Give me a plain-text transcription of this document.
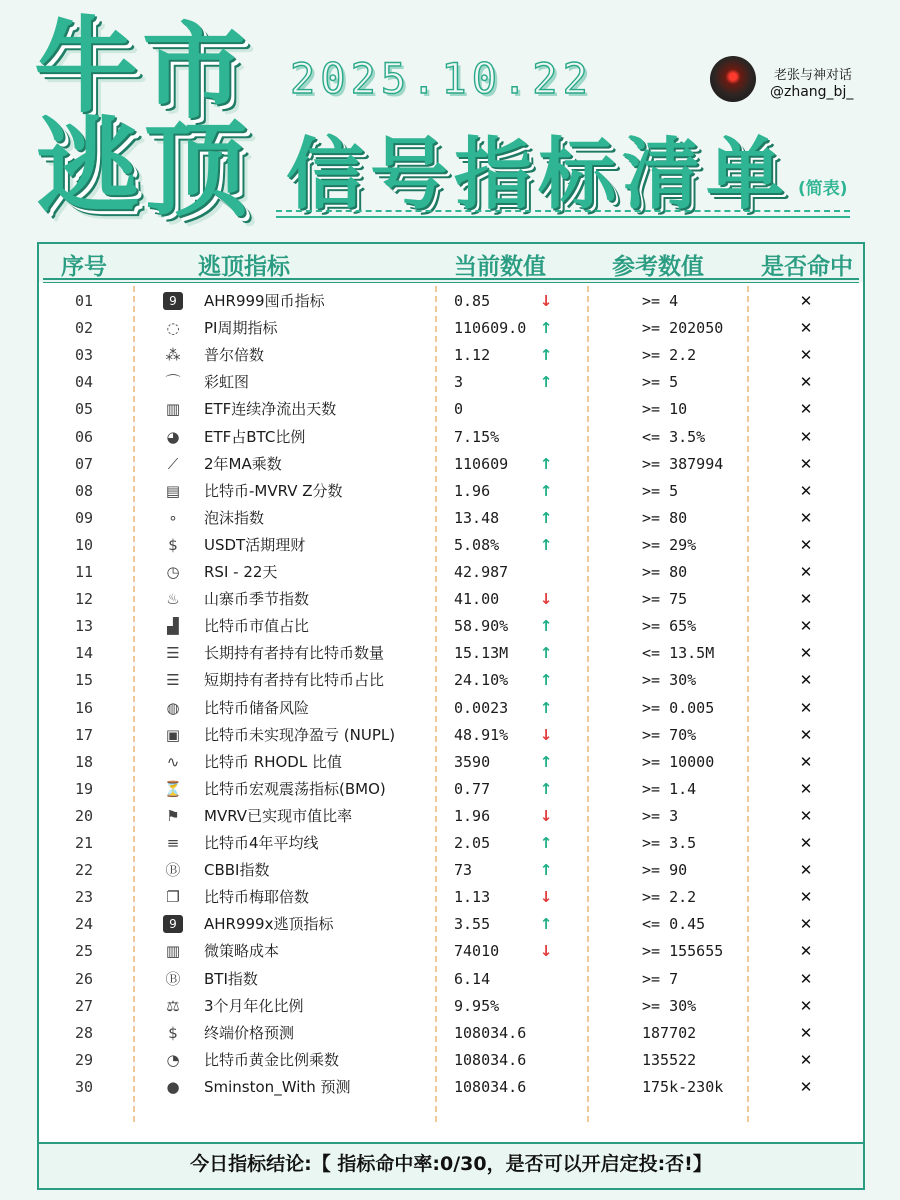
牛 市
逃 顶
2025.10.22
信号指标清单 (简表)
老张与神对话
@zhang_bj_
序号	逃顶指标	当前数值	参考数值	是否命中
01	9	AHR999囤币指标	0.85	↓	>= 4	✕
02	◌ PI周期指标	110609.0 ↑	>= 202050	✕
03	⁂ 普尔倍数	1.12	↑	>= 2.2	✕
04	⌒ 彩虹图	3	↑	>= 5	✕
05	▥ ETF连续净流出天数	0	>= 10	✕
06	◕ ETF占BTC比例	7.15%	<= 3.5%	✕
07	⟋	2年MA乘数	110609 ↑	>= 387994	✕
08	▤ 比特币-MVRV Z分数	1.96	↑	>= 5	✕
09	∘	泡沫指数	13.48	↑	>= 80	✕
10	$	USDT活期理财	5.08%	↑	>= 29%	✕
11	◷ RSI - 22天	42.987	>= 80	✕
12	♨ 山寨币季节指数	41.00	↓	>= 75	✕
13	▟ 比特币市值占比	58.90% ↑	>= 65%	✕
14	☰ 长期持有者持有比特币数量	15.13M ↑	<= 13.5M	✕
15	☰ 短期持有者持有比特币占比	24.10% ↑	>= 30%	✕
16	◍ 比特币储备风险	0.0023 ↑	>= 0.005	✕
17	▣ 比特币未实现净盈亏 (NUPL)	48.91% ↓	>= 70%	✕
18	∿ 比特币 RHODL 比值	3590	↑	>= 10000	✕
19	⏳ 比特币宏观震荡指标(BMO)	0.77	↑	>= 1.4	✕
20	⚑ MVRV已实现市值比率	1.96	↓	>= 3	✕
21	≡ 比特币4年平均线	2.05	↑	>= 3.5	✕
22	Ⓑ CBBI指数	73	↑	>= 90	✕
23	❐ 比特币梅耶倍数	1.13	↓	>= 2.2	✕
24	9	AHR999x逃顶指标	3.55	↑	<= 0.45	✕
25	▥ 微策略成本	74010	↓	>= 155655	✕
26	Ⓑ BTI指数	6.14	>= 7	✕
27	⚖ 3个月年化比例	9.95%	>= 30%	✕
28	$	终端价格预测	108034.6	187702	✕
29	◔ 比特币黄金比例乘数	108034.6	135522	✕
30	● Sminston_With 预测	108034.6	175k-230k	✕
今日指标结论:【 指标命中率:0/30，是否可以开启定投:否!】
